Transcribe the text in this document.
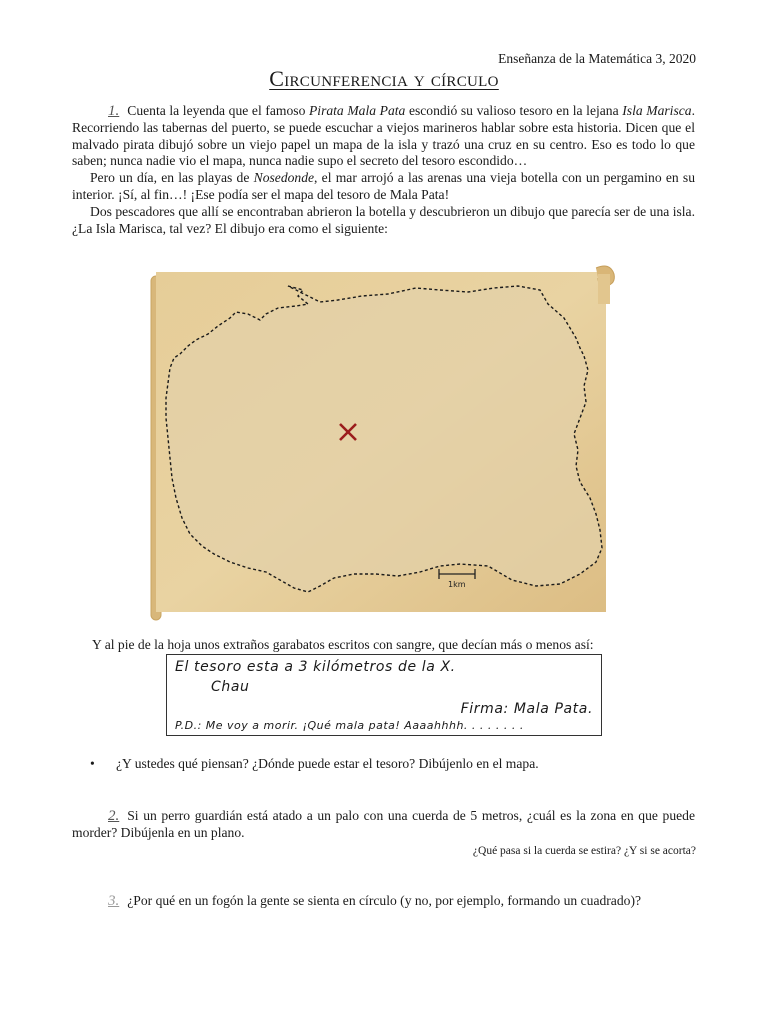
Enseñanza de la Matemática 3, 2020
Circunferencia y círculo

1. Cuenta la leyenda que el famoso Pirata Mala Pata escondió su valioso tesoro en la lejana Isla Marisca. Recorriendo las tabernas del puerto, se puede escuchar a viejos marineros hablar sobre esta historia. Dicen que el malvado pirata dibujó sobre un viejo papel un mapa de la isla y trazó una cruz en su centro. Eso es todo lo que saben; nunca nadie vio el mapa, nunca nadie supo el secreto del tesoro escondido…

Pero un día, en las playas de Nosedonde, el mar arrojó a las arenas una vieja botella con un pergamino en su interior. ¡Sí, al fin…! ¡Ese podía ser el mapa del tesoro de Mala Pata!

Dos pescadores que allí se encontraban abrieron la botella y descubrieron un dibujo que parecía ser de una isla. ¿La Isla Marisca, tal vez? El dibujo era como el siguiente:

1km
Y al pie de la hoja unos extraños garabatos escritos con sangre, que decían más o menos así:
El tesoro esta a 3 kilómetros de la X.
Chau
Firma: Mala Pata.
P.D.: Me voy a morir. ¡Qué mala pata! Aaaahhhh. . . . . . . .
• ¿Y ustedes qué piensan? ¿Dónde puede estar el tesoro? Dibújenlo en el mapa.

2. Si un perro guardián está atado a un palo con una cuerda de 5 metros, ¿cuál es la zona en que puede morder? Dibújenla en un plano.

¿Qué pasa si la cuerda se estira? ¿Y si se acorta?

3. ¿Por qué en un fogón la gente se sienta en círculo (y no, por ejemplo, formando un cuadrado)?
